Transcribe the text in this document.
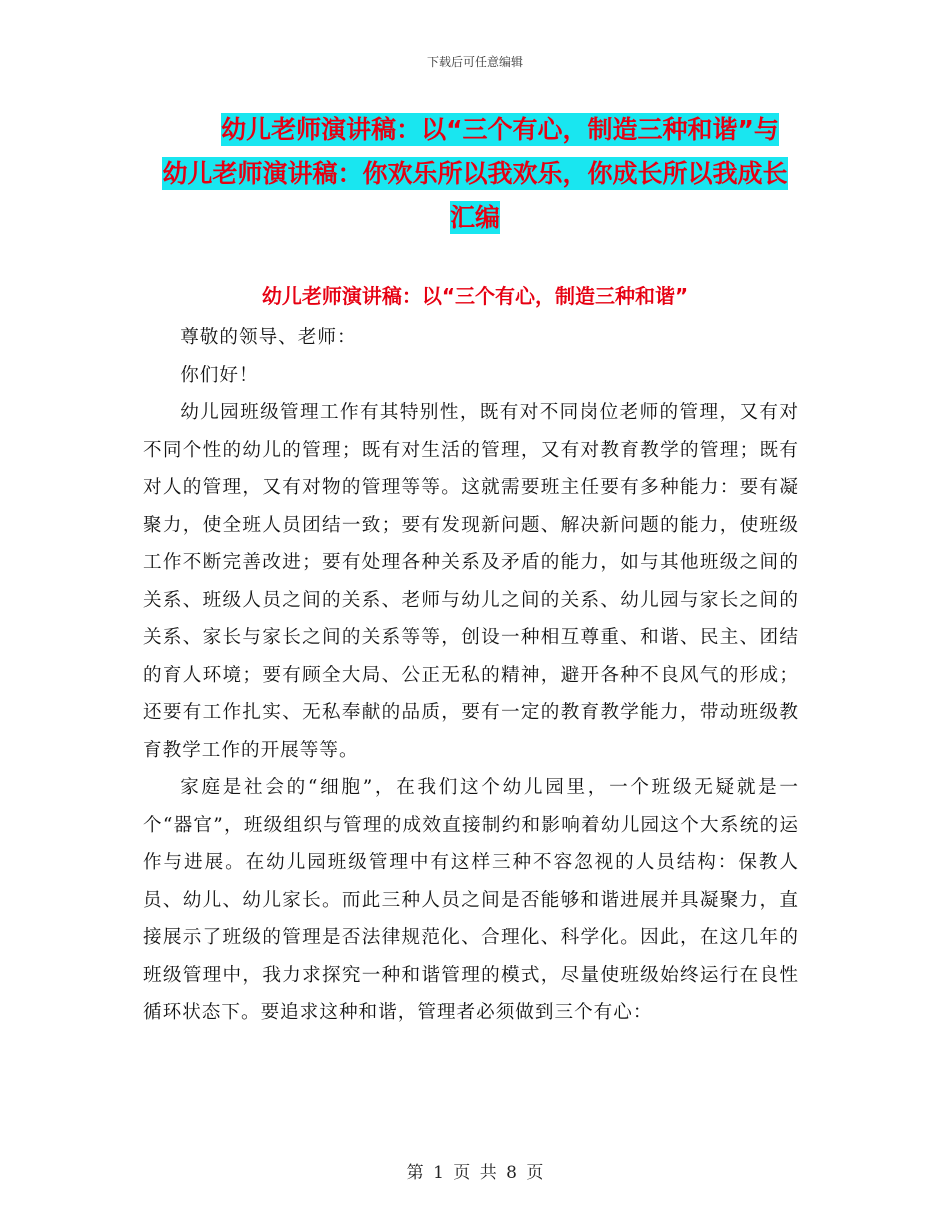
下载后可任意编辑
幼儿老师演讲稿：以“三个有心，制造三种和谐”与
幼儿老师演讲稿：你欢乐所以我欢乐，你成长所以我成长
汇编
幼儿老师演讲稿：以“三个有心，制造三种和谐”

尊敬的领导、老师：

你们好！

幼儿园班级管理工作有其特别性，既有对不同岗位老师的管理，又有对不同个性的幼儿的管理；既有对生活的管理，又有对教育教学的管理；既有对人的管理，又有对物的管理等等。这就需要班主任要有多种能力：要有凝聚力，使全班人员团结一致；要有发现新问题、解决新问题的能力，使班级工作不断完善改进；要有处理各种关系及矛盾的能力，如与其他班级之间的关系、班级人员之间的关系、老师与幼儿之间的关系、幼儿园与家长之间的关系、家长与家长之间的关系等等，创设一种相互尊重、和谐、民主、团结的育人环境；要有顾全大局、公正无私的精神，避开各种不良风气的形成；还要有工作扎实、无私奉献的品质，要有一定的教育教学能力，带动班级教育教学工作的开展等等。

家庭是社会的“细胞”，在我们这个幼儿园里，一个班级无疑就是一个“器官”，班级组织与管理的成效直接制约和影响着幼儿园这个大系统的运作与进展。在幼儿园班级管理中有这样三种不容忽视的人员结构：保教人员、幼儿、幼儿家长。而此三种人员之间是否能够和谐进展并具凝聚力，直接展示了班级的管理是否法律规范化、合理化、科学化。因此，在这几年的班级管理中，我力求探究一种和谐管理的模式，尽量使班级始终运行在良性循环状态下。要追求这种和谐，管理者必须做到三个有心：

第 1 页 共 8 页
